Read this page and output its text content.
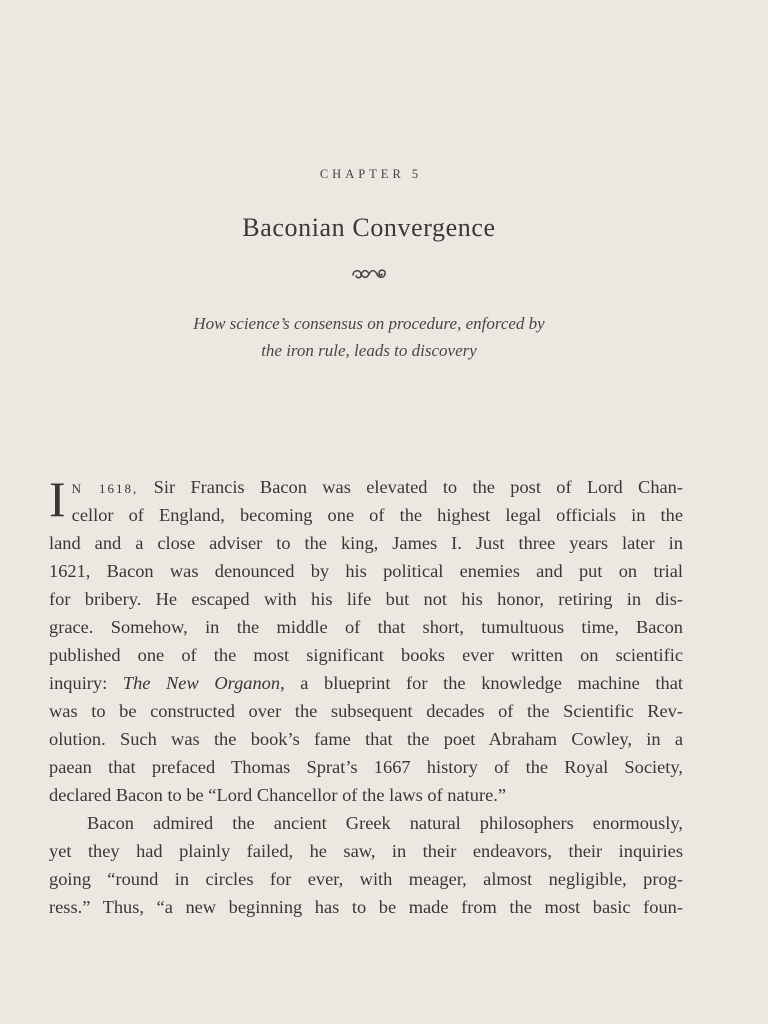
CHAPTER 5
Baconian Convergence
How science’s consensus on procedure, enforced by
the iron rule, leads to discovery
I N 1618, Sir Francis Bacon was elevated to the post of Lord Chan-
cellor of England, becoming one of the highest legal officials in the
land and a close adviser to the king, James I. Just three years later in
1621, Bacon was denounced by his political enemies and put on trial
for bribery. He escaped with his life but not his honor, retiring in dis-
grace. Somehow, in the middle of that short, tumultuous time, Bacon
published one of the most significant books ever written on scientific
inquiry: The New Organon, a blueprint for the knowledge machine that
was to be constructed over the subsequent decades of the Scientific Rev-
olution. Such was the book’s fame that the poet Abraham Cowley, in a
paean that prefaced Thomas Sprat’s 1667 history of the Royal Society,
declared Bacon to be “Lord Chancellor of the laws of nature.”
Bacon admired the ancient Greek natural philosophers enormously,
yet they had plainly failed, he saw, in their endeavors, their inquiries
going “round in circles for ever, with meager, almost negligible, prog-
ress.” Thus, “a new beginning has to be made from the most basic foun-
